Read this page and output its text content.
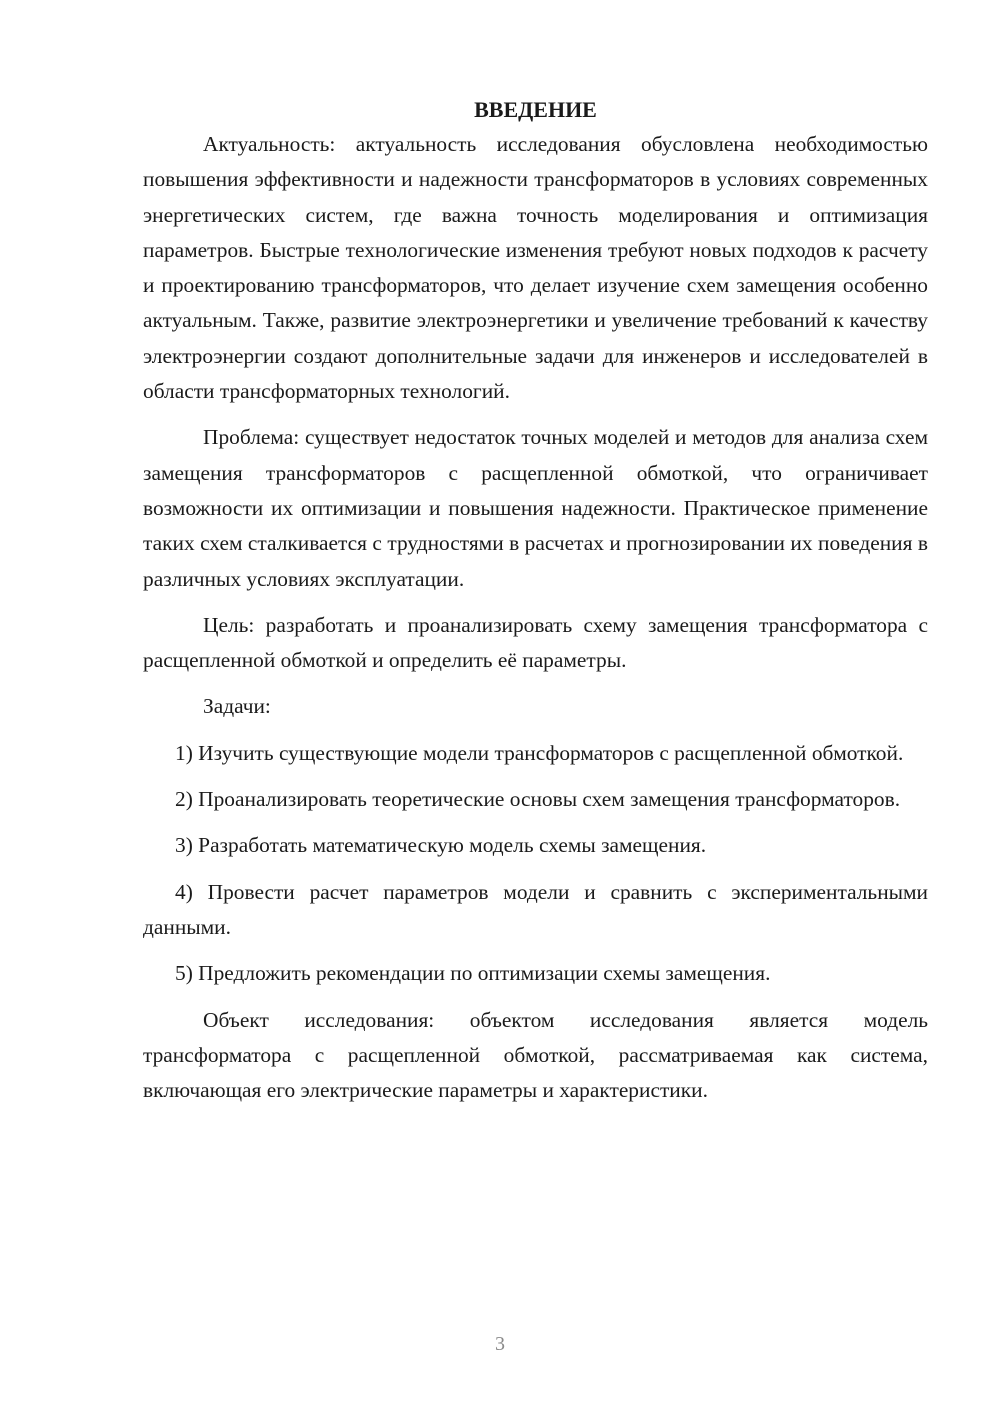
ВВЕДЕНИЕ

Актуальность: актуальность исследования обусловлена необходимостью повышения эффективности и надежности трансформаторов в условиях современных энергетических систем, где важна точность моделирования и оптимизация параметров. Быстрые технологические изменения требуют новых подходов к расчету и проектированию трансформаторов, что делает изучение схем замещения особенно актуальным. Также, развитие электроэнергетики и увеличение требований к качеству электроэнергии создают дополнительные задачи для инженеров и исследователей в области трансформаторных технологий.

Проблема: существует недостаток точных моделей и методов для анализа схем замещения трансформаторов с расщепленной обмоткой, что ограничивает возможности их оптимизации и повышения надежности. Практическое применение таких схем сталкивается с трудностями в расчетах и прогнозировании их поведения в различных условиях эксплуатации.

Цель: разработать и проанализировать схему замещения трансформатора с расщепленной обмоткой и определить её параметры.

Задачи:

1) Изучить существующие модели трансформаторов с расщепленной обмоткой.

2) Проанализировать теоретические основы схем замещения трансформаторов.

3) Разработать математическую модель схемы замещения.

4) Провести расчет параметров модели и сравнить с экспериментальными данными.

5) Предложить рекомендации по оптимизации схемы замещения.

Объект исследования: объектом исследования является модель трансформатора с расщепленной обмоткой, рассматриваемая как система, включающая его электрические параметры и характеристики.

3
